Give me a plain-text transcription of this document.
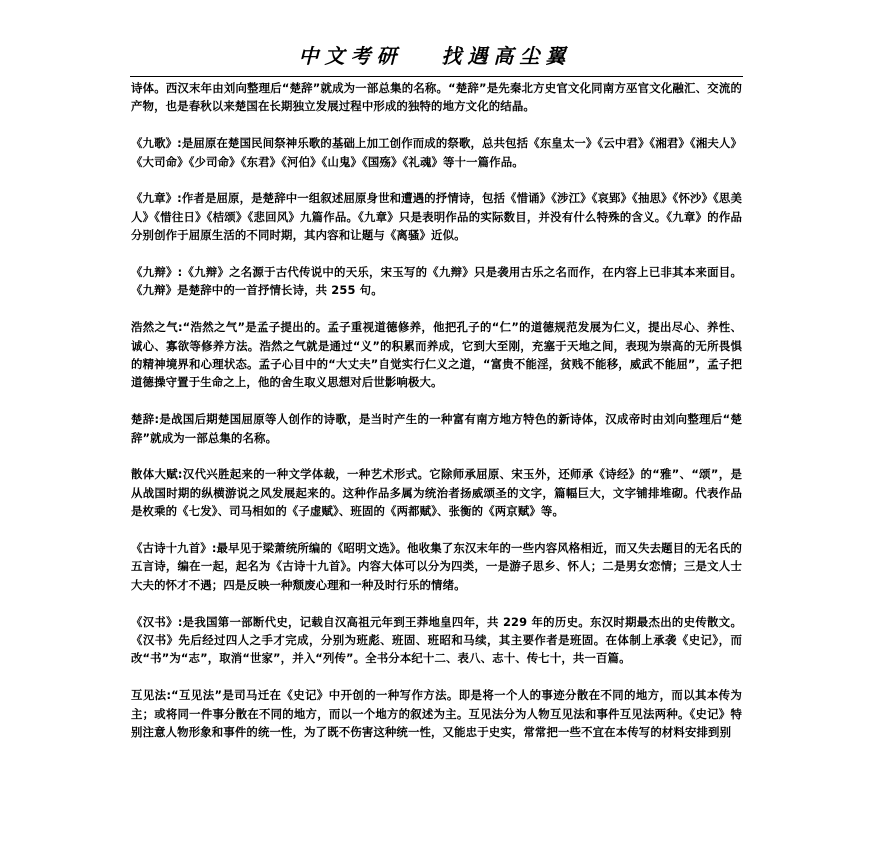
中文考研   找遇高尘翼

诗体。西汉末年由刘向整理后“楚辞”就成为一部总集的名称。“楚辞”是先秦北方史官文化同南方巫官文化融汇、交流的产物，也是春秋以来楚国在长期独立发展过程中形成的独特的地方文化的结晶。

《九歌》:是屈原在楚国民间祭神乐歌的基础上加工创作而成的祭歌，总共包括《东皇太一》《云中君》《湘君》《湘夫人》《大司命》《少司命》《东君》《河伯》《山鬼》《国殇》《礼魂》等十一篇作品。

《九章》:作者是屈原，是楚辞中一组叙述屈原身世和遭遇的抒情诗，包括《惜诵》《涉江》《哀郢》《抽思》《怀沙》《思美人》《惜往日》《桔颂》《悲回风》九篇作品。《九章》只是表明作品的实际数目，并没有什么特殊的含义。《九章》的作品分别创作于屈原生活的不同时期，其内容和让题与《离骚》近似。

《九辩》:《九辩》之名源于古代传说中的天乐，宋玉写的《九辩》只是袭用古乐之名而作，在内容上已非其本来面目。《九辩》是楚辞中的一首抒情长诗，共 255 句。

浩然之气:“浩然之气”是孟子提出的。孟子重视道德修养，他把孔子的“仁”的道德规范发展为仁义，提出尽心、养性、诚心、寡欲等修养方法。浩然之气就是通过“义”的积累而养成，它到大至刚，充塞于天地之间，表现为崇高的无所畏惧的精神境界和心理状态。孟子心目中的“大丈夫”自觉实行仁义之道，“富贵不能淫，贫贱不能移，威武不能屈”，孟子把道德操守置于生命之上，他的舍生取义思想对后世影响极大。

楚辞:是战国后期楚国屈原等人创作的诗歌，是当时产生的一种富有南方地方特色的新诗体，汉成帝时由刘向整理后“楚辞”就成为一部总集的名称。

散体大赋:汉代兴胜起来的一种文学体裁，一种艺术形式。它除师承屈原、宋玉外，还师承《诗经》的“雅”、“颂”，是从战国时期的纵横游说之风发展起来的。这种作品多属为统治者扬威颂圣的文字，篇幅巨大，文字铺排堆砌。代表作品是枚乘的《七发》、司马相如的《子虚赋》、班固的《两都赋》、张衡的《两京赋》等。

《古诗十九首》:最早见于梁萧统所编的《昭明文选》。他收集了东汉末年的一些内容风格相近，而又失去题目的无名氏的五言诗，编在一起，起名为《古诗十九首》。内容大体可以分为四类，一是游子思乡、怀人；二是男女恋情；三是文人士大夫的怀才不遇；四是反映一种颓废心理和一种及时行乐的情绪。

《汉书》:是我国第一部断代史，记载自汉高祖元年到王莽地皇四年，共 229 年的历史。东汉时期最杰出的史传散文。《汉书》先后经过四人之手才完成，分别为班彪、班固、班昭和马续，其主要作者是班固。在体制上承袭《史记》，而改“书”为“志”，取消“世家”，并入“列传”。全书分本纪十二、表八、志十、传七十，共一百篇。

互见法:“互见法”是司马迁在《史记》中开创的一种写作方法。即是将一个人的事迹分散在不同的地方，而以其本传为主；或将同一件事分散在不同的地方，而以一个地方的叙述为主。互见法分为人物互见法和事件互见法两种。《史记》特别注意人物形象和事件的统一性，为了既不伤害这种统一性，又能忠于史实，常常把一些不宜在本传写的材料安排到别
